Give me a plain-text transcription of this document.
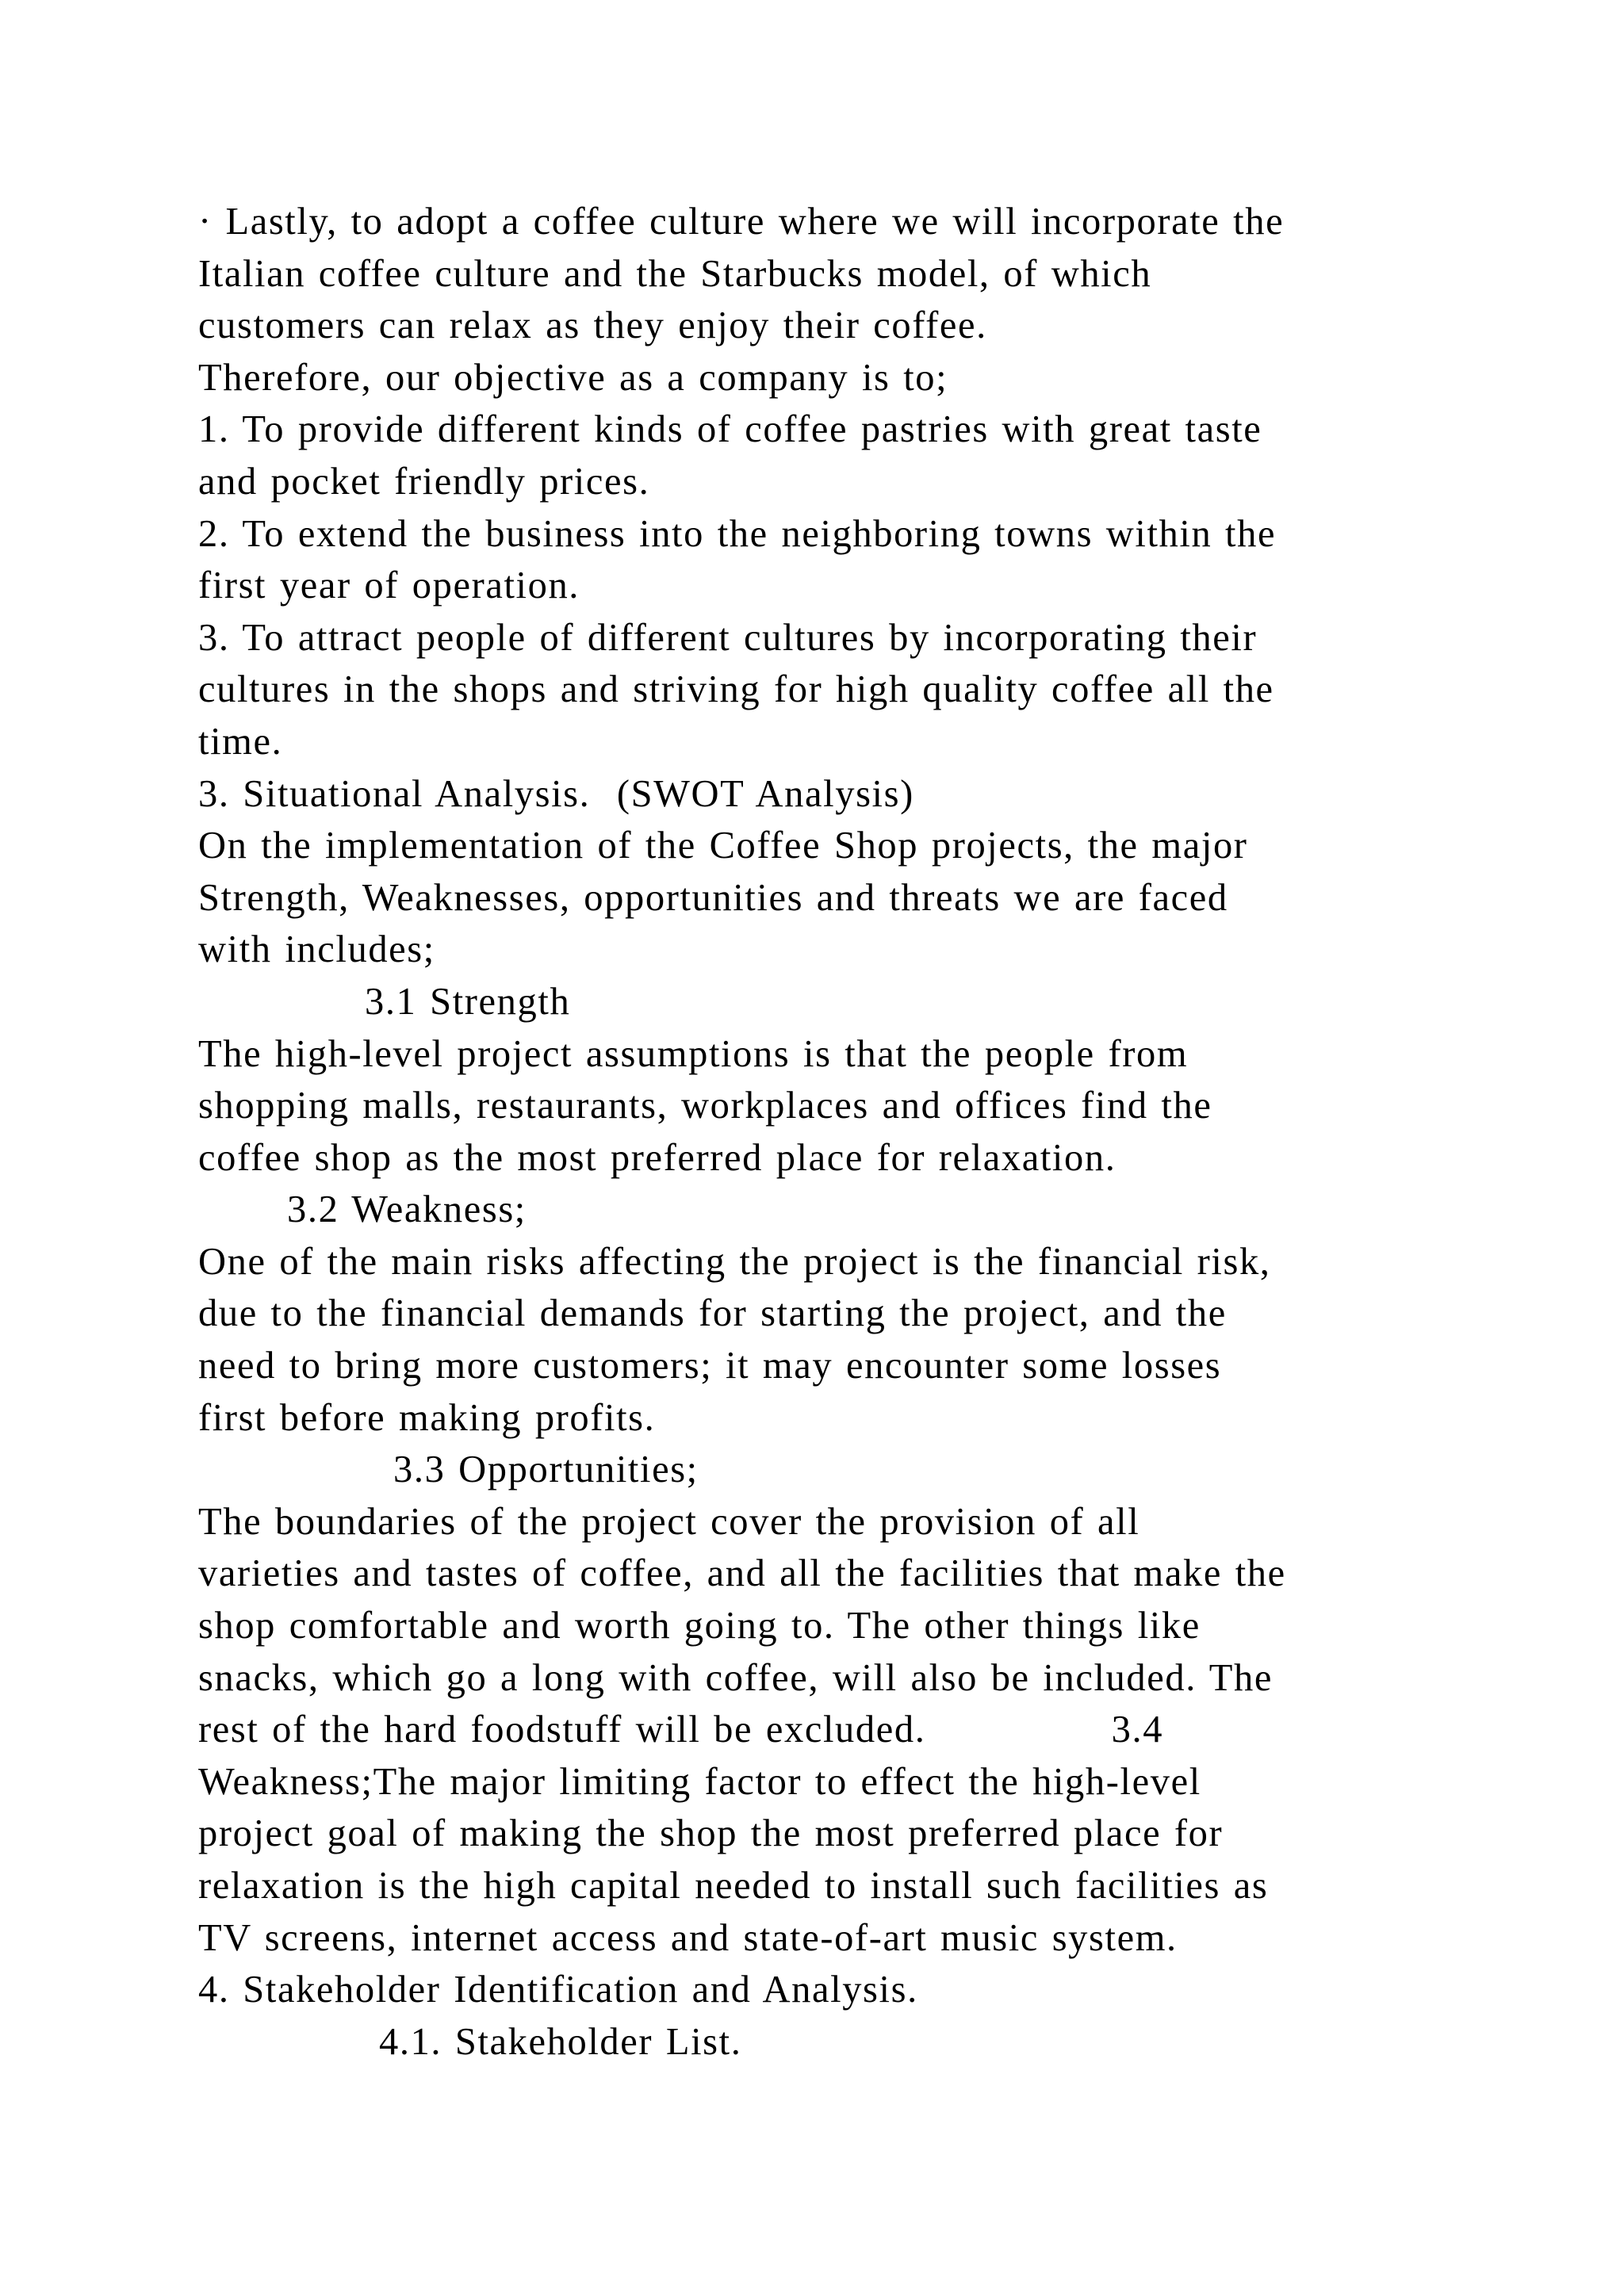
· Lastly, to adopt a coffee culture where we will incorporate the
Italian coffee culture and the Starbucks model, of which
customers can relax as they enjoy their coffee.
Therefore, our objective as a company is to;
1. To provide different kinds of coffee pastries with great taste
and pocket friendly prices.
2. To extend the business into the neighboring towns within the
first year of operation.
3. To attract people of different cultures by incorporating their
cultures in the shops and striving for high quality coffee all the
time.
3. Situational Analysis.  (SWOT Analysis)
On the implementation of the Coffee Shop projects, the major
Strength, Weaknesses, opportunities and threats we are faced
with includes;
3.1 Strength
The high-level project assumptions is that the people from
shopping malls, restaurants, workplaces and offices find the
coffee shop as the most preferred place for relaxation.
3.2 Weakness;
One of the main risks affecting the project is the financial risk,
due to the financial demands for starting the project, and the
need to bring more customers; it may encounter some losses
first before making profits.
3.3 Opportunities;
The boundaries of the project cover the provision of all
varieties and tastes of coffee, and all the facilities that make the
shop comfortable and worth going to. The other things like
snacks, which go a long with coffee, will also be included. The
rest of the hard foodstuff will be excluded.              3.4
Weakness;The major limiting factor to effect the high-level
project goal of making the shop the most preferred place for
relaxation is the high capital needed to install such facilities as
TV screens, internet access and state-of-art music system.
4. Stakeholder Identification and Analysis.
4.1. Stakeholder List.
